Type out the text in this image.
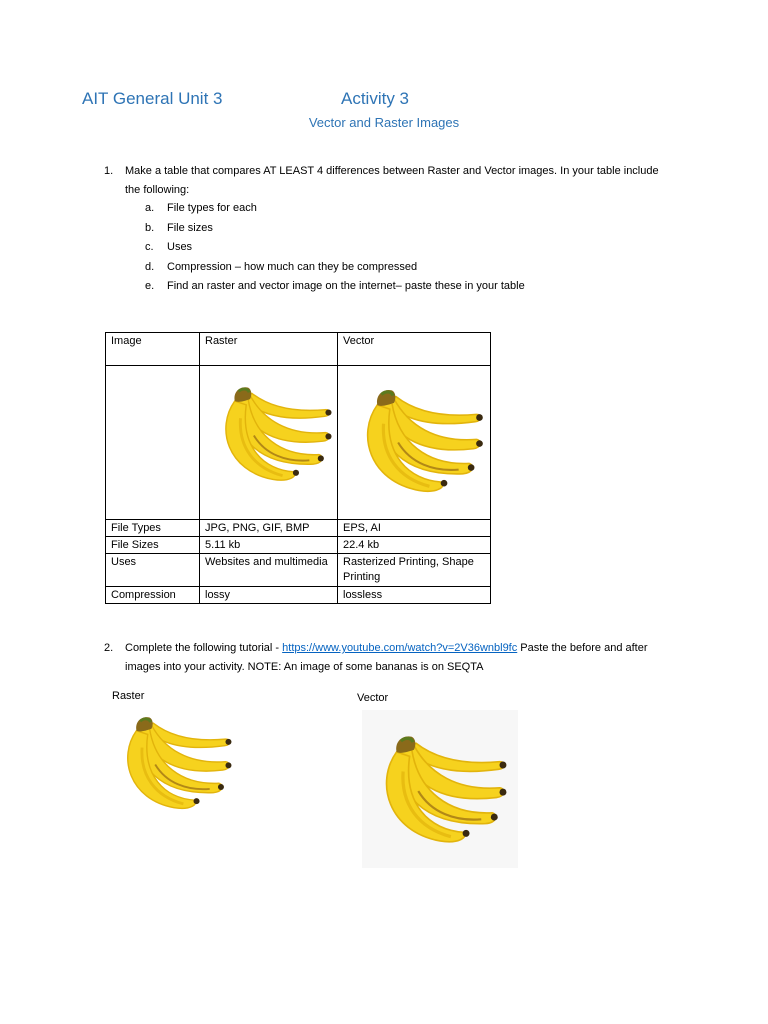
AIT General Unit 3	Activity 3
Vector and Raster Images
1. Make a table that compares AT LEAST 4 differences between Raster and Vector images. In your table include the following:
a. File types for each
b. File sizes
c. Uses
d. Compression – how much can they be compressed
e. Find an raster and vector image on the internet– paste these in your table
Image	Raster	Vector

File Types	JPG, PNG, GIF, BMP	EPS, AI
File Sizes	5.11 kb	22.4 kb
Uses	Websites and multimedia	Rasterized Printing, Shape Printing
Compression	lossy	lossless
2. Complete the following tutorial - https://www.youtube.com/watch?v=2V36wnbl9fc Paste the before and after images into your activity. NOTE: An image of some bananas is on SEQTA
Raster	Vector
